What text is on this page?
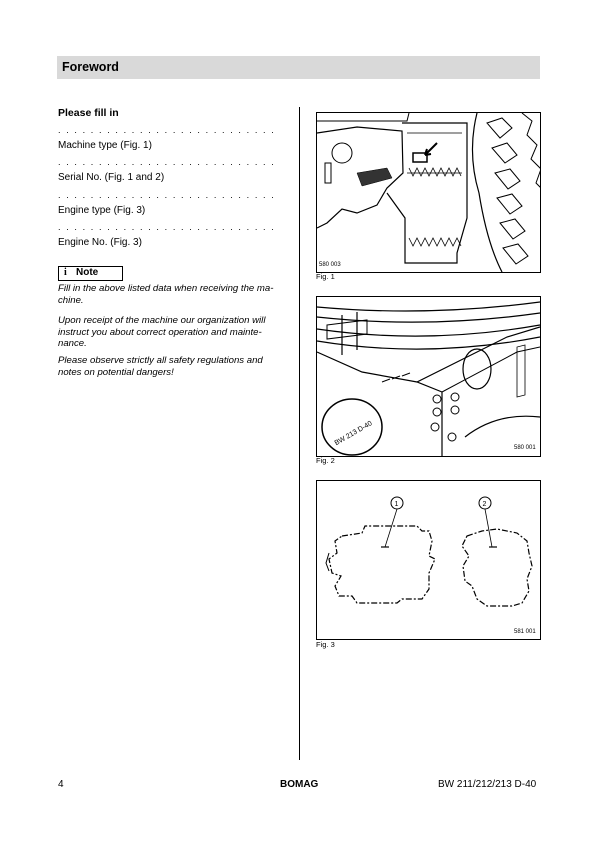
Foreword
Please fill in
. . . . . . . . . . . . . . . . . . . . . . . . . . .
Machine type (Fig. 1)
. . . . . . . . . . . . . . . . . . . . . . . . . . .
Serial No. (Fig. 1 and 2)
. . . . . . . . . . . . . . . . . . . . . . . . . . .
Engine type (Fig. 3)
. . . . . . . . . . . . . . . . . . . . . . . . . . .
Engine No. (Fig. 3)
i Note
Fill in the above listed data when receiving the ma-chine.
Upon receipt of the machine our organization will instruct you about correct operation and mainte-nance.
Please observe strictly all safety regulations and notes on potential dangers!
580 003
Fig. 1
BW 213 D-40
580 001
Fig. 2
1	2
581 001
Fig. 3
4	BOMAG	BW 211/212/213 D-40
